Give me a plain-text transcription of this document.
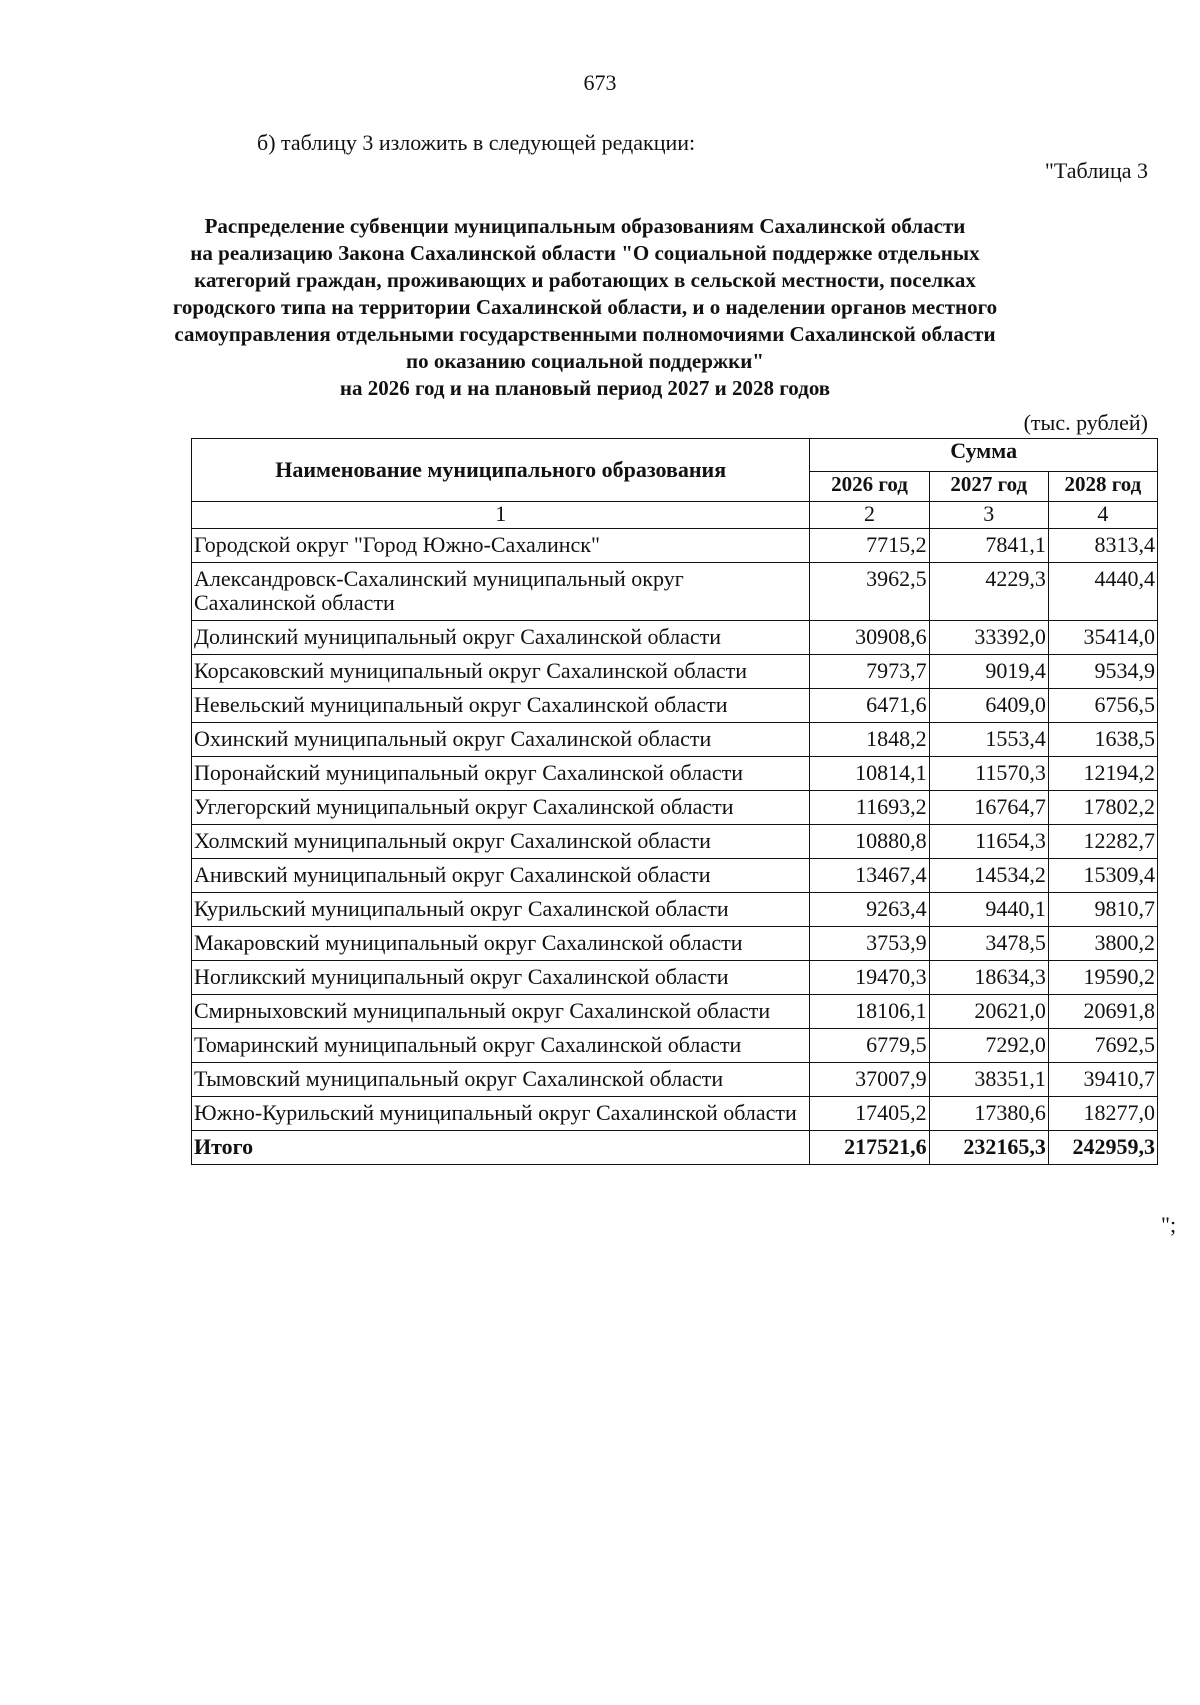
673
б) таблицу 3 изложить в следующей редакции:
"Таблица 3
Распределение субвенции муниципальным образованиям Сахалинской области
на реализацию Закона Сахалинской области "О социальной поддержке отдельных
категорий граждан, проживающих и работающих в сельской местности, поселках
городского типа на территории Сахалинской области, и о наделении органов местного
самоуправления отдельными государственными полномочиями Сахалинской области
по оказанию социальной поддержки"
на 2026 год и на плановый период 2027 и 2028 годов
(тыс. рублей)
Наименование муниципального образования	Сумма		
	2026 год	2027 год	2028 год
1	2	3	4
Городской округ "Город Южно-Сахалинск"	7715,2	7841,1	8313,4
Александровск-Сахалинский муниципальный округ Сахалинской области	3962,5	4229,3	4440,4
Долинский муниципальный округ Сахалинской области	30908,6	33392,0	35414,0
Корсаковский муниципальный округ Сахалинской области	7973,7	9019,4	9534,9
Невельский муниципальный округ Сахалинской области	6471,6	6409,0	6756,5
Охинский муниципальный округ Сахалинской области	1848,2	1553,4	1638,5
Поронайский муниципальный округ Сахалинской области	10814,1	11570,3	12194,2
Углегорский муниципальный округ Сахалинской области	11693,2	16764,7	17802,2
Холмский муниципальный округ Сахалинской области	10880,8	11654,3	12282,7
Анивский муниципальный округ Сахалинской области	13467,4	14534,2	15309,4
Курильский муниципальный округ Сахалинской области	9263,4	9440,1	9810,7
Макаровский муниципальный округ Сахалинской области	3753,9	3478,5	3800,2
Ногликский муниципальный округ Сахалинской области	19470,3	18634,3	19590,2
Смирныховский муниципальный округ Сахалинской области	18106,1	20621,0	20691,8
Томаринский муниципальный округ Сахалинской области	6779,5	7292,0	7692,5
Тымовский муниципальный округ Сахалинской области	37007,9	38351,1	39410,7
Южно-Курильский муниципальный округ Сахалинской области	17405,2	17380,6	18277,0
Итого	217521,6	232165,3	242959,3
";
